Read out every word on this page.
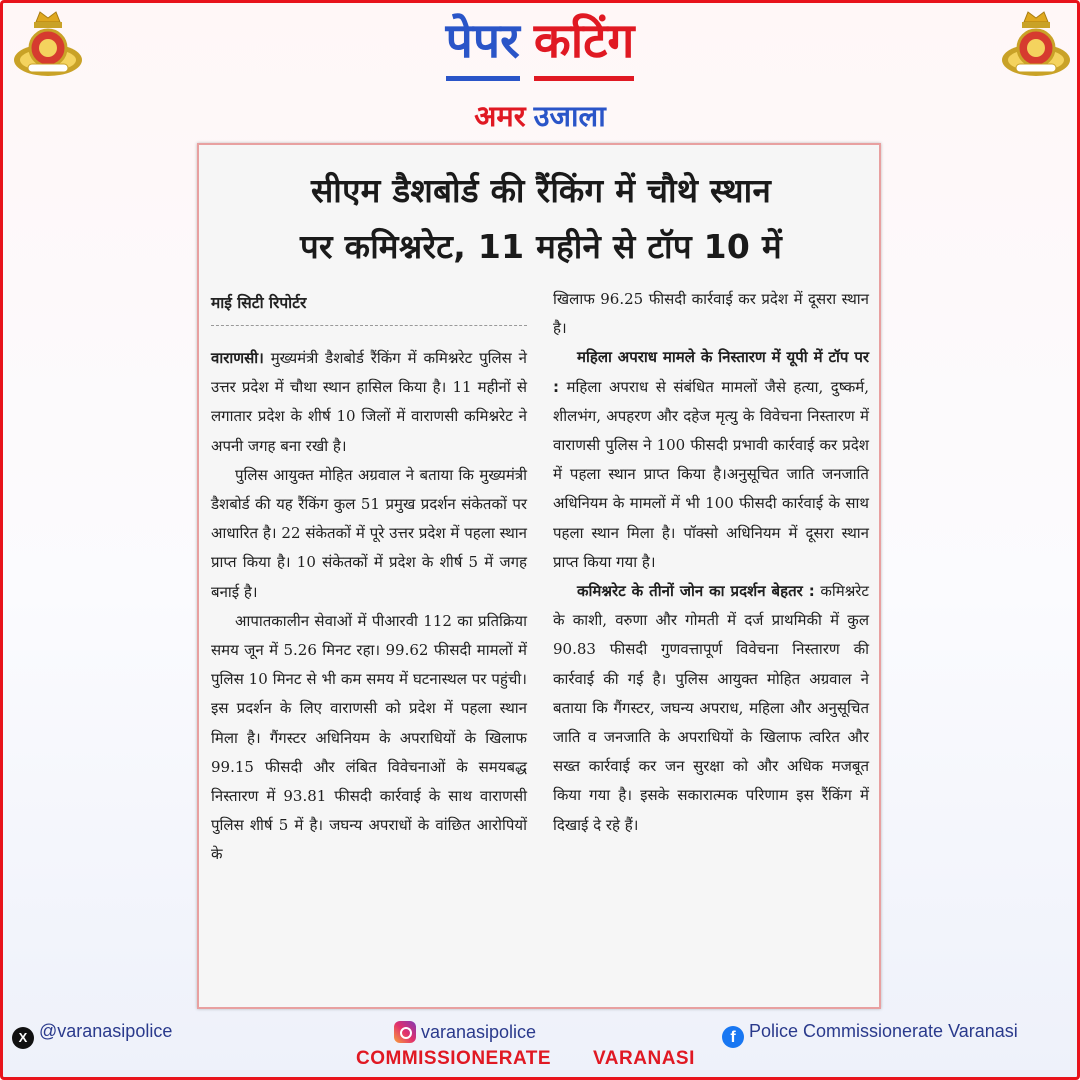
पेपर कटिंग
अमर उजाला
सीएम डैशबोर्ड की रैंकिंग में चौथे स्थान
पर कमिश्नरेट, 11 महीने से टॉप 10 में
माई सिटी रिपोर्टर

वाराणसी। मुख्यमंत्री डैशबोर्ड रैंकिंग में कमिश्नरेट पुलिस ने उत्तर प्रदेश में चौथा स्थान हासिल किया है। 11 महीनों से लगातार प्रदेश के शीर्ष 10 जिलों में वाराणसी कमिश्नरेट ने अपनी जगह बना रखी है।

पुलिस आयुक्त मोहित अग्रवाल ने बताया कि मुख्यमंत्री डैशबोर्ड की यह रैंकिंग कुल 51 प्रमुख प्रदर्शन संकेतकों पर आधारित है। 22 संकेतकों में पूरे उत्तर प्रदेश में पहला स्थान प्राप्त किया है। 10 संकेतकों में प्रदेश के शीर्ष 5 में जगह बनाई है।

आपातकालीन सेवाओं में पीआरवी 112 का प्रतिक्रिया समय जून में 5.26 मिनट रहा। 99.62 फीसदी मामलों में पुलिस 10 मिनट से भी कम समय में घटनास्थल पर पहुंची। इस प्रदर्शन के लिए वाराणसी को प्रदेश में पहला स्थान मिला है। गैंगस्टर अधिनियम के अपराधियों के खिलाफ 99.15 फीसदी और लंबित विवेचनाओं के समयबद्ध निस्तारण में 93.81 फीसदी कार्रवाई के साथ वाराणसी पुलिस शीर्ष 5 में है। जघन्य अपराधों के वांछित आरोपियों के

खिलाफ 96.25 फीसदी कार्रवाई कर प्रदेश में दूसरा स्थान है।

महिला अपराध मामले के निस्तारण में यूपी में टॉप पर : महिला अपराध से संबंधित मामलों जैसे हत्या, दुष्कर्म, शीलभंग, अपहरण और दहेज मृत्यु के विवेचना निस्तारण में वाराणसी पुलिस ने 100 फीसदी प्रभावी कार्रवाई कर प्रदेश में पहला स्थान प्राप्त किया है।अनुसूचित जाति जनजाति अधिनियम के मामलों में भी 100 फीसदी कार्रवाई के साथ पहला स्थान मिला है। पॉक्सो अधिनियम में दूसरा स्थान प्राप्त किया गया है।

कमिश्नरेट के तीनों जोन का प्रदर्शन बेहतर : कमिश्नरेट के काशी, वरुणा और गोमती में दर्ज प्राथमिकी में कुल 90.83 फीसदी गुणवत्तापूर्ण विवेचना निस्तारण की कार्रवाई की गई है। पुलिस आयुक्त मोहित अग्रवाल ने बताया कि गैंगस्टर, जघन्य अपराध, महिला और अनुसूचित जाति व जनजाति के अपराधियों के खिलाफ त्वरित और सख्त कार्रवाई कर जन सुरक्षा को और अधिक मजबूत किया गया है। इसके सकारात्मक परिणाम इस रैंकिंग में दिखाई दे रहे हैं।

X @varanasipolice	varanasipolice	f Police Commissionerate Varanasi
COMMISSIONERATE VARANASI
